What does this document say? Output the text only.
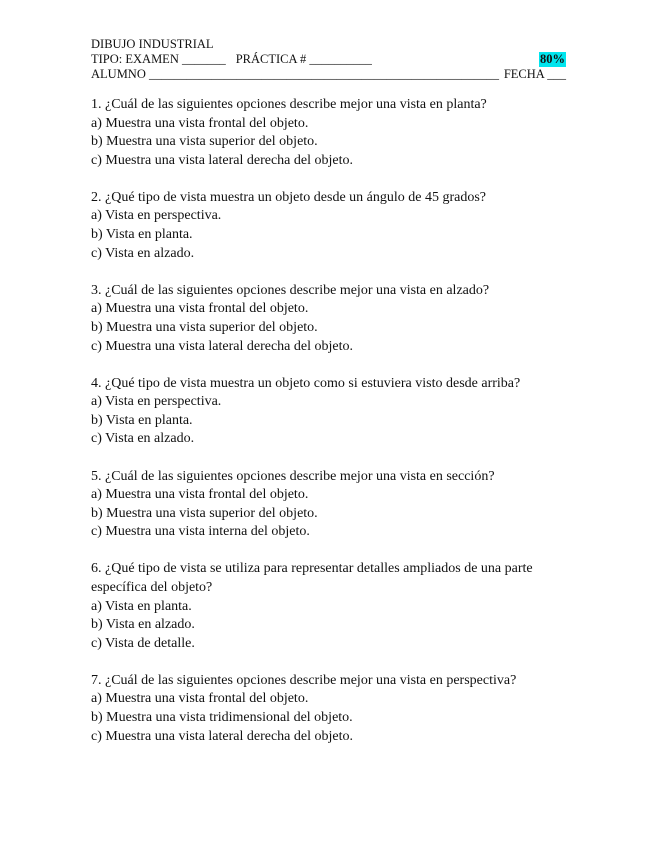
DIBUJO INDUSTRIAL
TIPO: EXAMEN _______ PRÁCTICA # __________	80%
ALUMNO ________________________________________________________ FECHA ___

1. ¿Cuál de las siguientes opciones describe mejor una vista en planta?

a) Muestra una vista frontal del objeto.

b) Muestra una vista superior del objeto.

c) Muestra una vista lateral derecha del objeto.

2. ¿Qué tipo de vista muestra un objeto desde un ángulo de 45 grados?

a) Vista en perspectiva.

b) Vista en planta.

c) Vista en alzado.

3. ¿Cuál de las siguientes opciones describe mejor una vista en alzado?

a) Muestra una vista frontal del objeto.

b) Muestra una vista superior del objeto.

c) Muestra una vista lateral derecha del objeto.

4. ¿Qué tipo de vista muestra un objeto como si estuviera visto desde arriba?

a) Vista en perspectiva.

b) Vista en planta.

c) Vista en alzado.

5. ¿Cuál de las siguientes opciones describe mejor una vista en sección?

a) Muestra una vista frontal del objeto.

b) Muestra una vista superior del objeto.

c) Muestra una vista interna del objeto.

6. ¿Qué tipo de vista se utiliza para representar detalles ampliados de una parte específica del objeto?

a) Vista en planta.

b) Vista en alzado.

c) Vista de detalle.

7. ¿Cuál de las siguientes opciones describe mejor una vista en perspectiva?

a) Muestra una vista frontal del objeto.

b) Muestra una vista tridimensional del objeto.

c) Muestra una vista lateral derecha del objeto.
